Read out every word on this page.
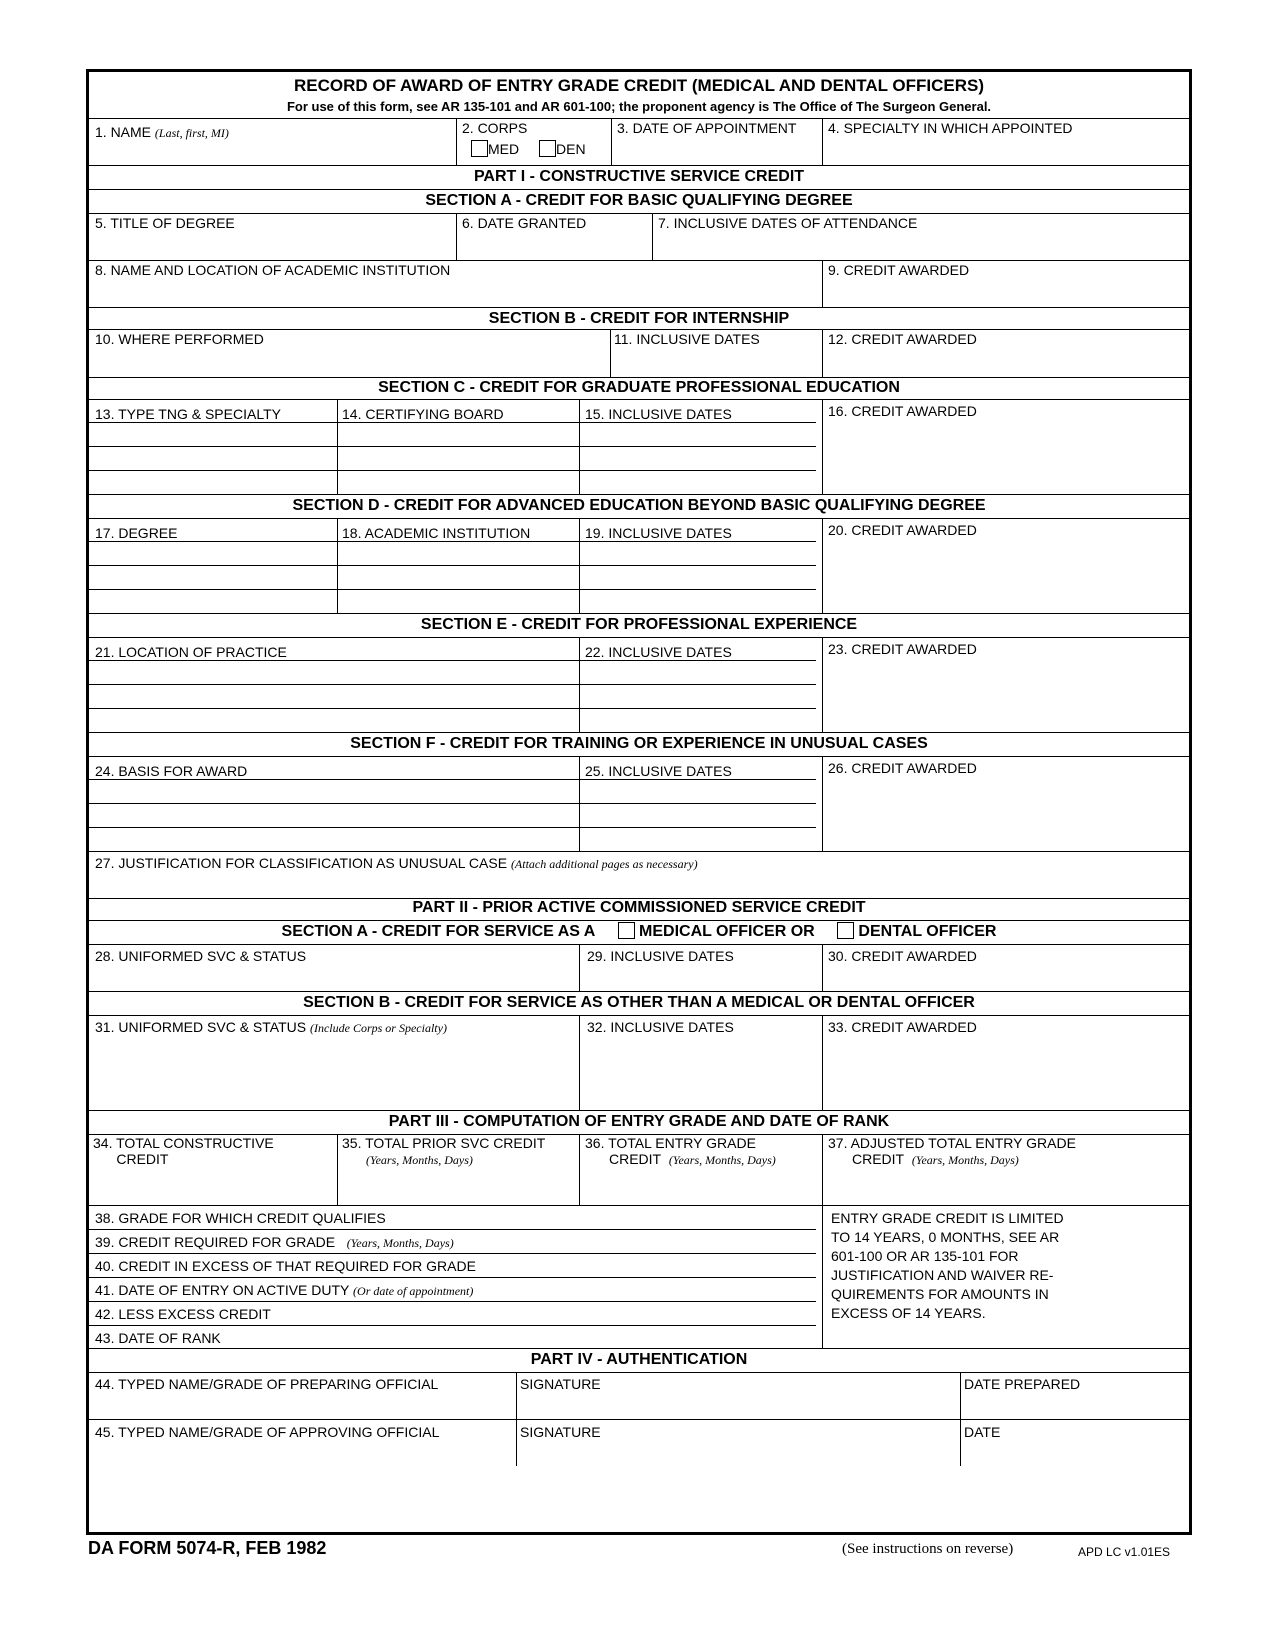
RECORD OF AWARD OF ENTRY GRADE CREDIT (MEDICAL AND DENTAL OFFICERS)
For use of this form, see AR 135-101 and AR 601-100; the proponent agency is The Office of The Surgeon General.
1. NAME (Last, first, MI)	2. CORPS
MED	DEN
3. DATE OF APPOINTMENT 4. SPECIALTY IN WHICH APPOINTED
PART I - CONSTRUCTIVE SERVICE CREDIT
SECTION A - CREDIT FOR BASIC QUALIFYING DEGREE
5. TITLE OF DEGREE	6. DATE GRANTED	7. INCLUSIVE DATES OF ATTENDANCE
8. NAME AND LOCATION OF ACADEMIC INSTITUTION	9. CREDIT AWARDED
SECTION B - CREDIT FOR INTERNSHIP
10. WHERE PERFORMED	11. INCLUSIVE DATES	12. CREDIT AWARDED
SECTION C - CREDIT FOR GRADUATE PROFESSIONAL EDUCATION
13. TYPE TNG & SPECIALTY	14. CERTIFYING BOARD	15. INCLUSIVE DATES	16. CREDIT AWARDED
SECTION D - CREDIT FOR ADVANCED EDUCATION BEYOND BASIC QUALIFYING DEGREE
17. DEGREE	18. ACADEMIC INSTITUTION	19. INCLUSIVE DATES	20. CREDIT AWARDED
SECTION E - CREDIT FOR PROFESSIONAL EXPERIENCE
21. LOCATION OF PRACTICE	22. INCLUSIVE DATES	23. CREDIT AWARDED
SECTION F - CREDIT FOR TRAINING OR EXPERIENCE IN UNUSUAL CASES
24. BASIS FOR AWARD	25. INCLUSIVE DATES	26. CREDIT AWARDED
27. JUSTIFICATION FOR CLASSIFICATION AS UNUSUAL CASE (Attach additional pages as necessary)
PART II - PRIOR ACTIVE COMMISSIONED SERVICE CREDIT
SECTION A - CREDIT FOR SERVICE AS A	MEDICAL OFFICER OR	DENTAL OFFICER
28. UNIFORMED SVC & STATUS	29. INCLUSIVE DATES	30. CREDIT AWARDED
SECTION B - CREDIT FOR SERVICE AS OTHER THAN A MEDICAL OR DENTAL OFFICER
31. UNIFORMED SVC & STATUS (Include Corps or Specialty)	32. INCLUSIVE DATES	33. CREDIT AWARDED
PART III - COMPUTATION OF ENTRY GRADE AND DATE OF RANK
34. TOTAL CONSTRUCTIVE
CREDIT
35. TOTAL PRIOR SVC CREDIT
(Years, Months, Days)
36. TOTAL ENTRY GRADE
CREDIT (Years, Months, Days)
37. ADJUSTED TOTAL ENTRY GRADE
CREDIT (Years, Months, Days)
38. GRADE FOR WHICH CREDIT QUALIFIES
39. CREDIT REQUIRED FOR GRADE (Years, Months, Days)
40. CREDIT IN EXCESS OF THAT REQUIRED FOR GRADE
41. DATE OF ENTRY ON ACTIVE DUTY (Or date of appointment)
42. LESS EXCESS CREDIT
43. DATE OF RANK
ENTRY GRADE CREDIT IS LIMITED TO 14 YEARS, 0 MONTHS, SEE AR 601-100 OR AR 135-101 FOR JUSTIFICATION AND WAIVER RE- QUIREMENTS FOR AMOUNTS IN EXCESS OF 14 YEARS.
PART IV - AUTHENTICATION
44. TYPED NAME/GRADE OF PREPARING OFFICIAL	SIGNATURE	DATE PREPARED
45. TYPED NAME/GRADE OF APPROVING OFFICIAL	SIGNATURE	DATE
DA FORM 5074-R, FEB 1982	(See instructions on reverse)	APD LC v1.01ES
